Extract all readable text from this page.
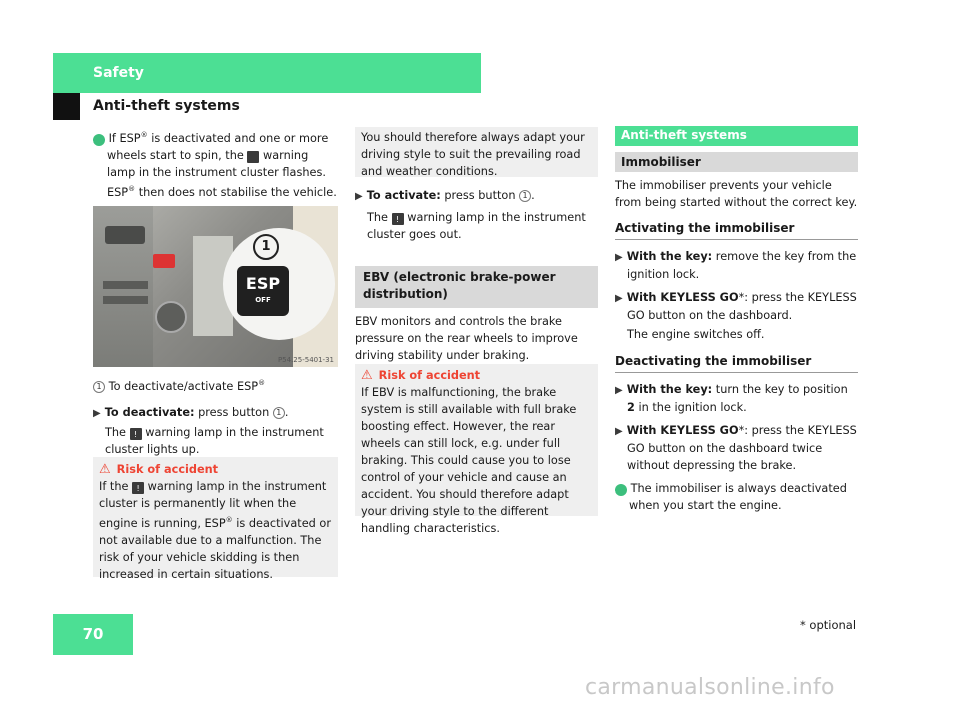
Safety
Anti-theft systems

i If ESP® is deactivated and one or more wheels start to spin, the ! warning lamp in the instrument cluster flashes. ESP® then does not stabilise the vehicle.

1
ESP
OFF
P54.25-5401-31

1 To deactivate/activate ESP®

▶ To deactivate: press button 1 .

The ! warning lamp in the instrument cluster lights up.

⚠ Risk of accident

If the ! warning lamp in the instrument cluster is permanently lit when the engine is running, ESP® is deactivated or not available due to a malfunction. The risk of your vehicle skidding is then increased in certain situations.

You should therefore always adapt your driving style to suit the prevailing road and weather conditions.

▶ To activate: press button 1 .

The ! warning lamp in the instrument cluster goes out.

EBV (electronic brake-power distribution)

EBV monitors and controls the brake pressure on the rear wheels to improve driving stability under braking.

⚠ Risk of accident

If EBV is malfunctioning, the brake system is still available with full brake boosting effect. However, the rear wheels can still lock, e.g. under full braking. This could cause you to lose control of your vehicle and cause an accident. You should therefore adapt your driving style to the different handling characteristics.

Anti-theft systems
Immobiliser

The immobiliser prevents your vehicle from being started without the correct key.

Activating the immobiliser

▶ With the key: remove the key from the ignition lock.

▶ With KEYLESS GO*: press the KEYLESS GO button on the dashboard.

The engine switches off.

Deactivating the immobiliser

▶ With the key: turn the key to position 2 in the ignition lock.

▶ With KEYLESS GO*: press the KEYLESS GO button on the dashboard twice without depressing the brake.

i The immobiliser is always deactivated when you start the engine.

70	* optional
carmanualsonline.info
